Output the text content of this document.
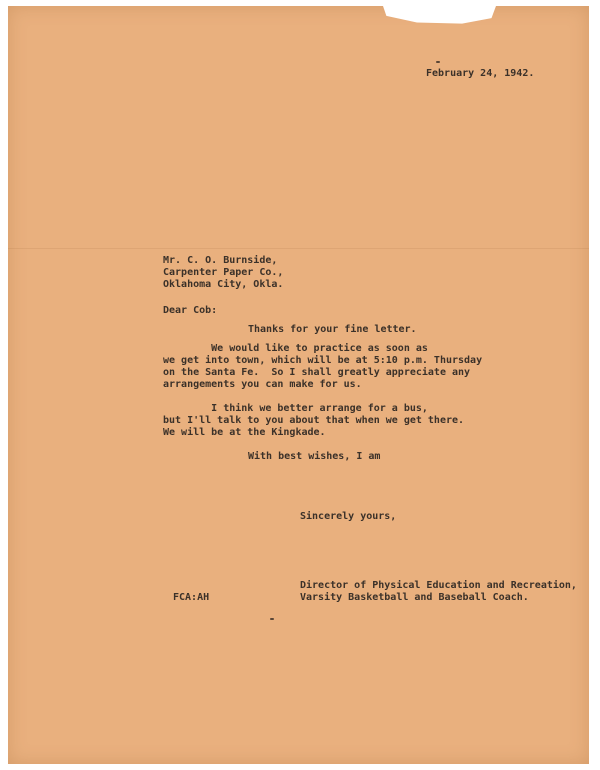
February 24, 1942.
Mr. C. O. Burnside,
Carpenter Paper Co.,
Oklahoma City, Okla.
Dear Cob:
Thanks for your fine letter.
We would like to practice as soon as
we get into town, which will be at 5:10 p.m. Thursday
on the Santa Fe.  So I shall greatly appreciate any
arrangements you can make for us.
I think we better arrange for a bus,
but I'll talk to you about that when we get there.
We will be at the Kingkade.
With best wishes, I am
Sincerely yours,
FCA:AH
Director of Physical Education and Recreation,
Varsity Basketball and Baseball Coach.
